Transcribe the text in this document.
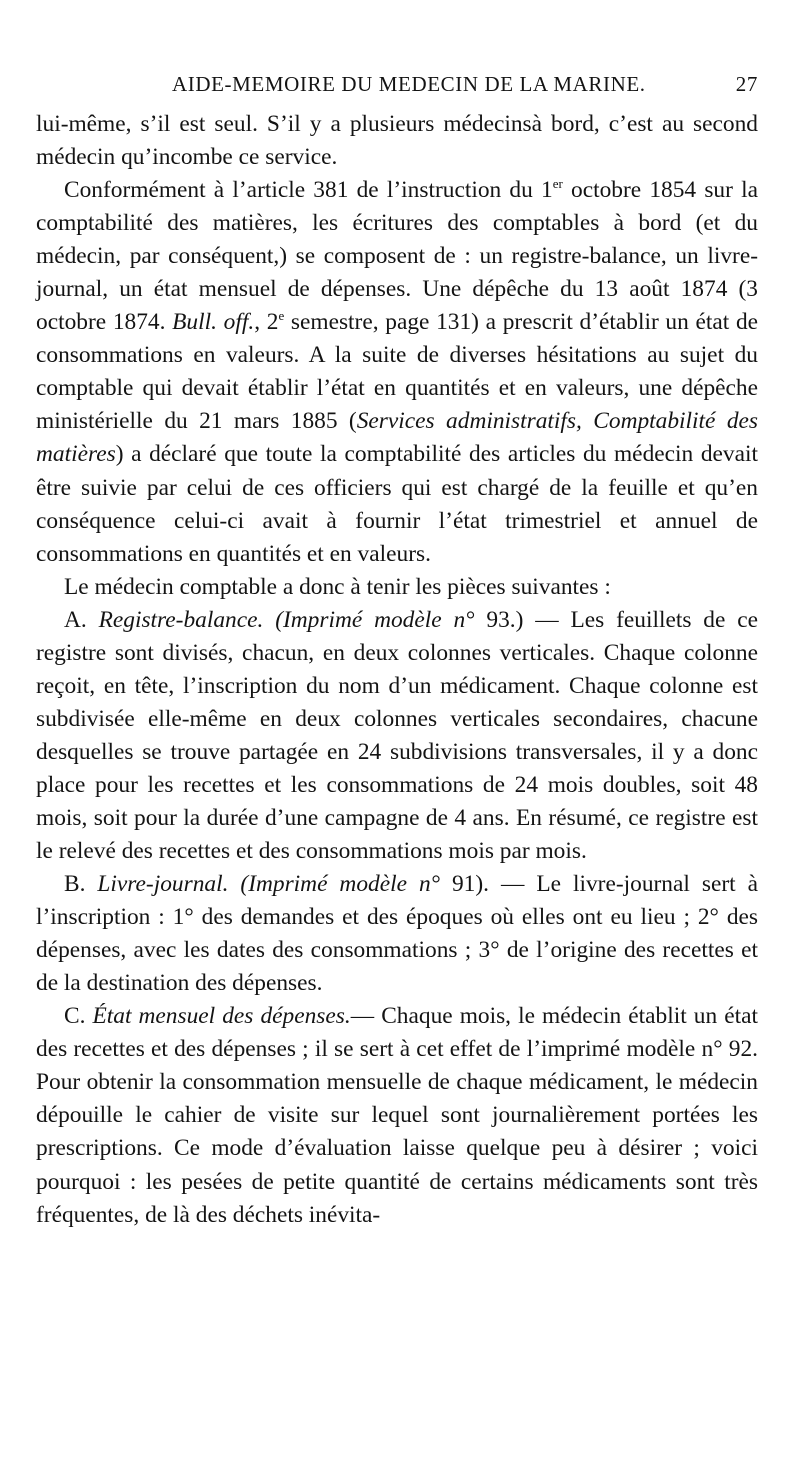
AIDE-MEMOIRE DU MEDECIN DE LA MARINE.	27

lui-même, s’il est seul. S’il y a plusieurs médecinsà bord, c’est au second médecin qu’incombe ce service.

Conformément à l’article 381 de l’instruction du 1er octobre 1854 sur la comptabilité des matières, les écritures des comptables à bord (et du médecin, par conséquent,) se composent de : un registre-balance, un livre-journal, un état mensuel de dépenses. Une dépêche du 13 août 1874 (3 octobre 1874. Bull. off., 2e semestre, page 131) a prescrit d’établir un état de consommations en valeurs. A la suite de diverses hésitations au sujet du comptable qui devait établir l’état en quantités et en valeurs, une dépêche ministérielle du 21 mars 1885 (Services administratifs, Comptabilité des matières) a déclaré que toute la comptabilité des articles du médecin devait être suivie par celui de ces officiers qui est chargé de la feuille et qu’en conséquence celui-ci avait à fournir l’état trimestriel et annuel de consommations en quantités et en valeurs.

Le médecin comptable a donc à tenir les pièces suivantes :

A. Registre-balance. (Imprimé modèle n° 93.) — Les feuillets de ce registre sont divisés, chacun, en deux colonnes verticales. Chaque colonne reçoit, en tête, l’inscription du nom d’un médicament. Chaque colonne est subdivisée elle-même en deux colonnes verticales secondaires, chacune desquelles se trouve partagée en 24 subdivisions transversales, il y a donc place pour les recettes et les consommations de 24 mois doubles, soit 48 mois, soit pour la durée d’une campagne de 4 ans. En résumé, ce registre est le relevé des recettes et des consommations mois par mois.

B. Livre-journal. (Imprimé modèle n° 91). — Le livre-journal sert à l’inscription : 1° des demandes et des époques où elles ont eu lieu ; 2° des dépenses, avec les dates des consommations ; 3° de l’origine des recettes et de la destination des dépenses.

C. État mensuel des dépenses.— Chaque mois, le médecin établit un état des recettes et des dépenses ; il se sert à cet effet de l’imprimé modèle n° 92. Pour obtenir la consommation mensuelle de chaque médicament, le médecin dépouille le cahier de visite sur lequel sont journalièrement portées les prescriptions. Ce mode d’évaluation laisse quelque peu à désirer ; voici pourquoi : les pesées de petite quantité de certains médicaments sont très fréquentes, de là des déchets inévita-
